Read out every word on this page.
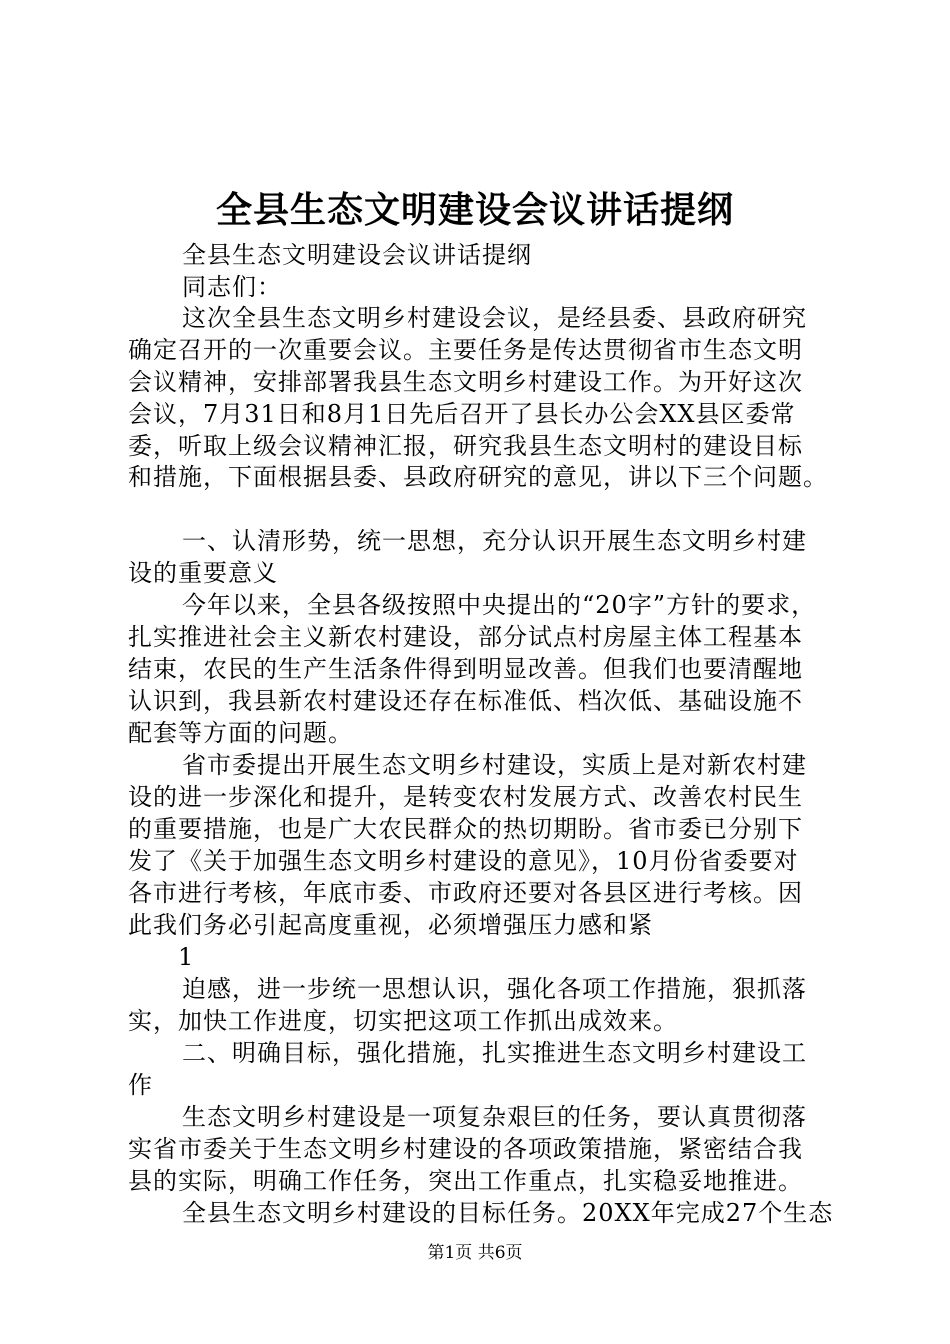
全县生态文明建设会议讲话提纲
全县生态文明建设会议讲话提纲
同志们：
这次全县生态文明乡村建设会议，是经县委、县政府研究
确定召开的一次重要会议。主要任务是传达贯彻省市生态文明
会议精神，安排部署我县生态文明乡村建设工作。为开好这次
会议，7月31日和8月1日先后召开了县长办公会XX县区委常
委，听取上级会议精神汇报，研究我县生态文明村的建设目标
和措施，下面根据县委、县政府研究的意见，讲以下三个问题。
一、认清形势，统一思想，充分认识开展生态文明乡村建
设的重要意义
今年以来，全县各级按照中央提出的“20字”方针的要求，
扎实推进社会主义新农村建设，部分试点村房屋主体工程基本
结束，农民的生产生活条件得到明显改善。但我们也要清醒地
认识到，我县新农村建设还存在标准低、档次低、基础设施不
配套等方面的问题。
省市委提出开展生态文明乡村建设，实质上是对新农村建
设的进一步深化和提升，是转变农村发展方式、改善农村民生
的重要措施，也是广大农民群众的热切期盼。省市委已分别下
发了《关于加强生态文明乡村建设的意见》，10月份省委要对
各市进行考核，年底市委、市政府还要对各县区进行考核。因
此我们务必引起高度重视，必须增强压力感和紧
1
迫感，进一步统一思想认识，强化各项工作措施，狠抓落
实，加快工作进度，切实把这项工作抓出成效来。
二、明确目标，强化措施，扎实推进生态文明乡村建设工
作
生态文明乡村建设是一项复杂艰巨的任务，要认真贯彻落
实省市委关于生态文明乡村建设的各项政策措施，紧密结合我
县的实际，明确工作任务，突出工作重点，扎实稳妥地推进。
全县生态文明乡村建设的目标任务。20XX年完成27个生态
第1页 共6页
